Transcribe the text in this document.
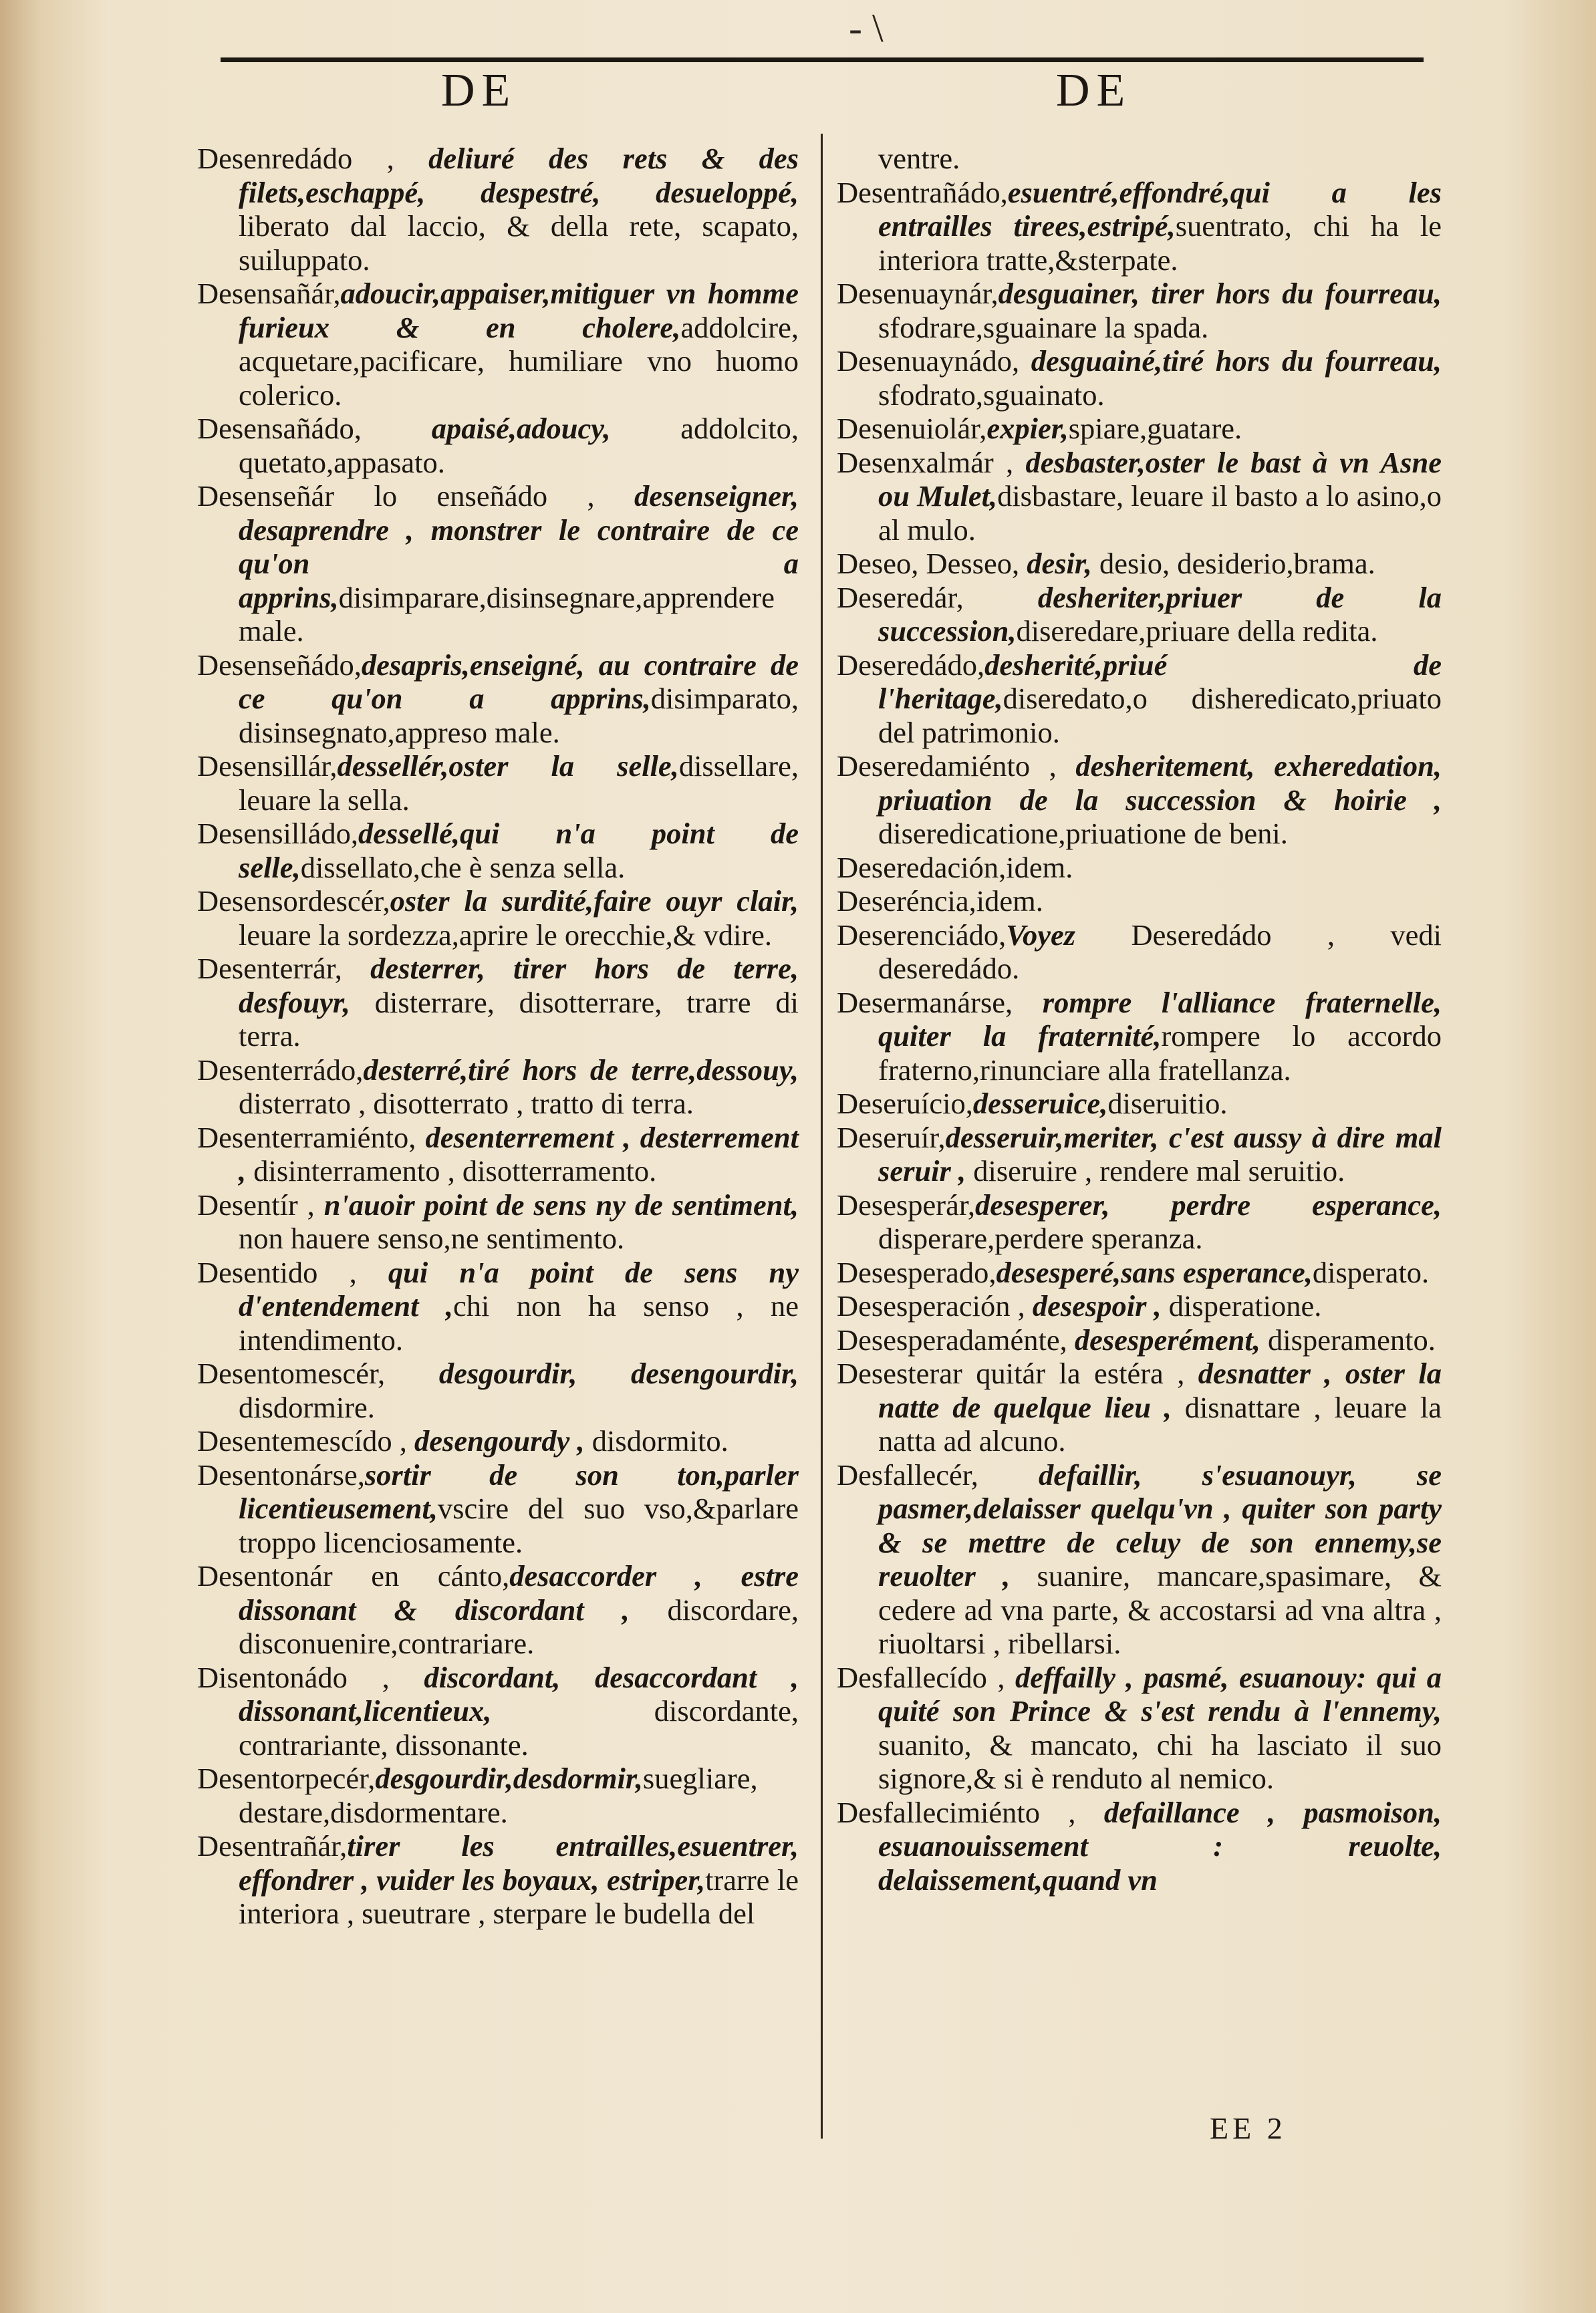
- \
DE	DE

Desenredádo , deliuré des rets & des filets,eschappé, despestré, desueloppé, liberato dal laccio, & della rete, scapato, suiluppato.

Desensañár,adoucir,appaiser,mitiguer vn homme furieux & en cholere,addolcire, acquetare,pacificare, humiliare vno huomo colerico.

Desensañádo, apaisé,adoucy, addolcito, quetato,appasato.

Desenseñár lo enseñádo , desenseigner, desaprendre , monstrer le contraire de ce qu'on a apprins,disimparare,disinsegnare,apprendere male.

Desenseñádo,desapris,enseigné, au contraire de ce qu'on a apprins,disimparato, disinsegnato,appreso male.

Desensillár,dessellér,oster la selle,dissellare, leuare la sella.

Desensilládo,dessellé,qui n'a point de selle,dissellato,che è senza sella.

Desensordescér,oster la surdité,faire ouyr clair, leuare la sordezza,aprire le orecchie,& vdire.

Desenterrár, desterrer, tirer hors de terre, desfouyr, disterrare, disotterrare, trarre di terra.

Desenterrádo,desterré,tiré hors de terre,dessouy, disterrato , disotterrato , tratto di terra.

Desenterramiénto, desenterrement , desterrement , disinterramento , disotterramento.

Desentír , n'auoir point de sens ny de sentiment, non hauere senso,ne sentimento.

Desentido , qui n'a point de sens ny d'entendement ,chi non ha senso , ne intendimento.

Desentomescér, desgourdir, desengourdir, disdormire.

Desentemescído , desengourdy , disdormito.

Desentonárse,sortir de son ton,parler licentieusement,vscire del suo vso,&parlare troppo licenciosamente.

Desentonár en cánto,desaccorder , estre dissonant & discordant , discordare, disconuenire,contrariare.

Disentonádo , discordant, desaccordant , dissonant,licentieux, discordante, contrariante, dissonante.

Desentorpecér,desgourdir,desdormir,suegliare, destare,disdormentare.

Desentrañár,tirer les entrailles,esuentrer, effondrer , vuider les boyaux, estriper,trarre le interiora , sueutrare , sterpare le budella del

ventre.

Desentrañádo,esuentré,effondré,qui a les entrailles tirees,estripé,suentrato, chi ha le interiora tratte,&sterpate.

Desenuaynár,desguainer, tirer hors du fourreau, sfodrare,sguainare la spada.

Desenuaynádo, desguainé,tiré hors du fourreau, sfodrato,sguainato.

Desenuiolár,expier,spiare,guatare.

Desenxalmár , desbaster,oster le bast à vn Asne ou Mulet,disbastare, leuare il basto a lo asino,o al mulo.

Deseo, Desseo, desir, desio, desiderio,brama.

Deseredár, desheriter,priuer de la succession,diseredare,priuare della redita.

Deseredádo,desherité,priué de l'heritage,diseredato,o disheredicato,priuato del patrimonio.

Deseredamiénto , desheritement, exheredation, priuation de la succession & hoirie , diseredicatione,priuatione de beni.

Deseredación,idem.

Deseréncia,idem.

Deserenciádo,Voyez Deseredádo , vedi deseredádo.

Desermanárse, rompre l'alliance fraternelle, quiter la fraternité,rompere lo accordo fraterno,rinunciare alla fratellanza.

Deseruício,desseruice,diseruitio.

Deseruír,desseruir,meriter, c'est aussy à dire mal seruir , diseruire , rendere mal seruitio.

Desesperár,desesperer, perdre esperance, disperare,perdere speranza.

Desesperado,desesperé,sans esperance,disperato.

Desesperación , desespoir , disperatione.

Desesperadaménte, desesperément, disperamento.

Desesterar quitár la estéra , desnatter , oster la natte de quelque lieu , disnattare , leuare la natta ad alcuno.

Desfallecér, defaillir, s'esuanouyr, se pasmer,delaisser quelqu'vn , quiter son party & se mettre de celuy de son ennemy,se reuolter , suanire, mancare,spasimare, & cedere ad vna parte, & accostarsi ad vna altra , riuoltarsi , ribellarsi.

Desfallecído , deffailly , pasmé, esuanouy: qui a quité son Prince & s'est rendu à l'ennemy, suanito, & mancato, chi ha lasciato il suo signore,& si è renduto al nemico.

Desfallecimiénto , defaillance , pasmoison, esuanouissement : reuolte, delaissement,quand vn

EE 2
